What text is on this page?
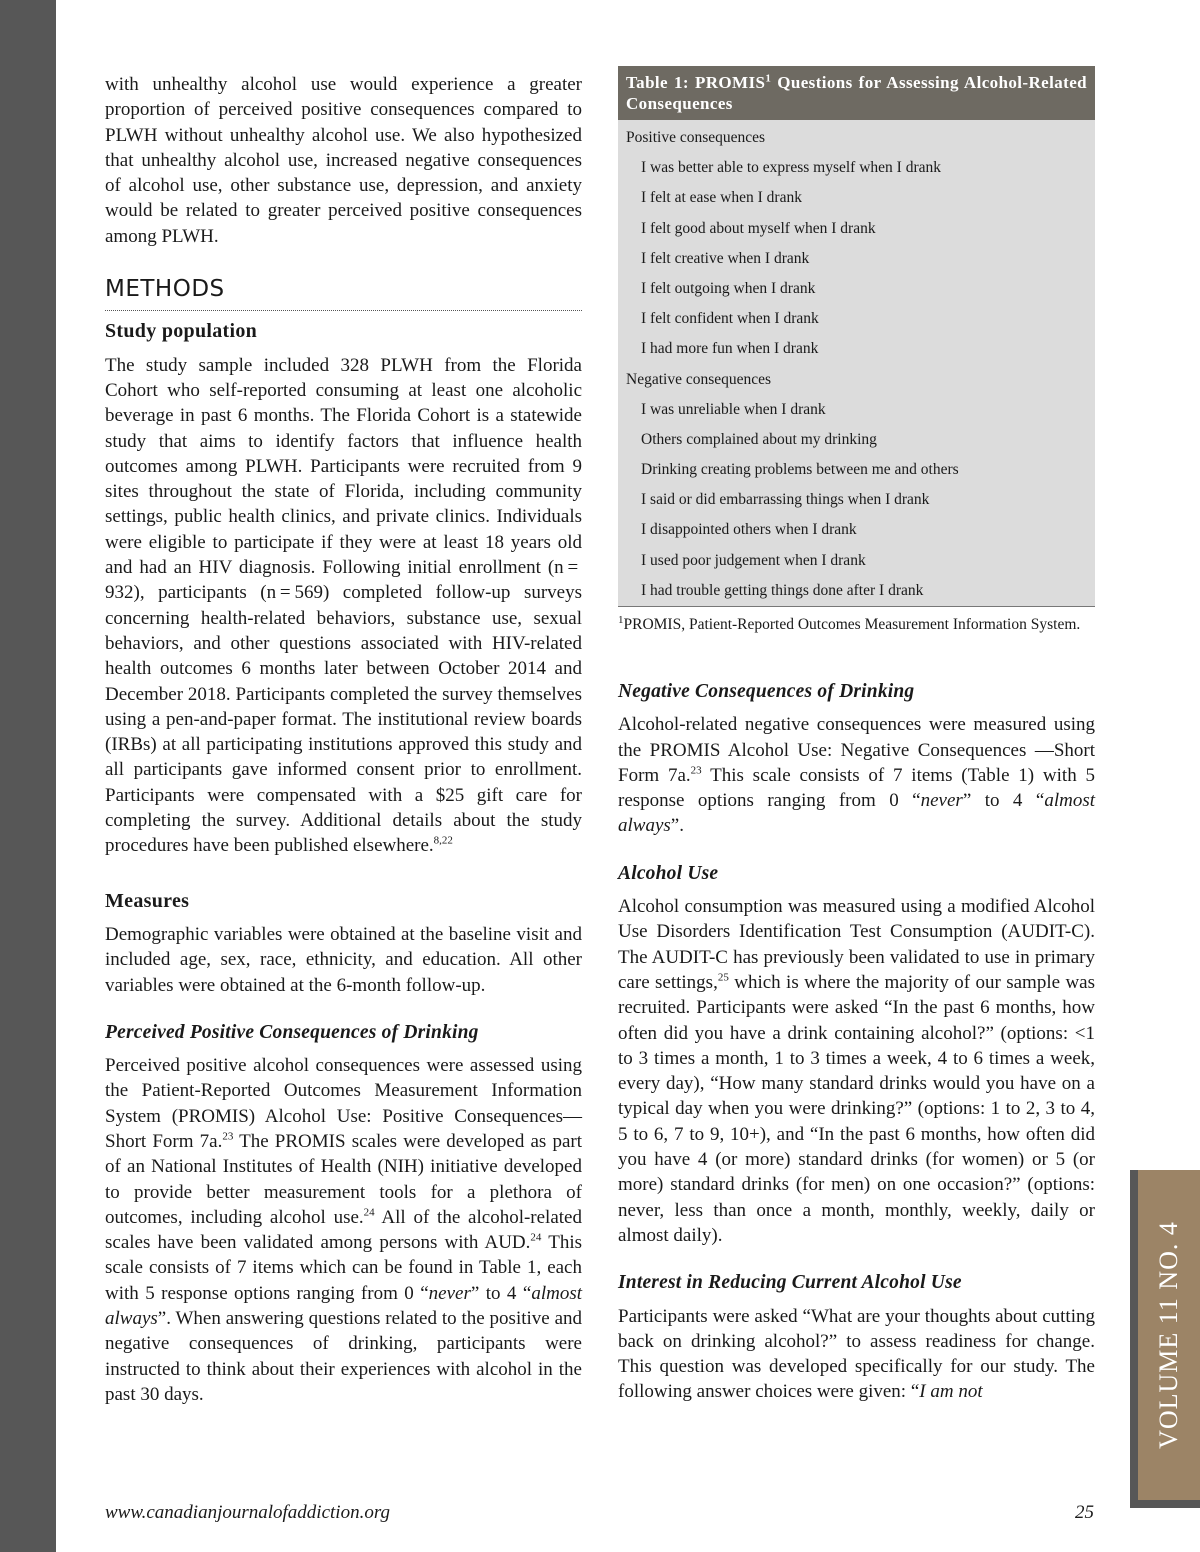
with unhealthy alcohol use would experience a greater proportion of perceived positive consequences compared to PLWH without unhealthy alcohol use. We also hypothesized that unhealthy alcohol use, increased negative consequences of alcohol use, other substance use, depression, and anxiety would be related to greater perceived positive consequences among PLWH.

METHODS
Study population

The study sample included 328 PLWH from the Florida Cohort who self-reported consuming at least one alcoholic beverage in past 6 months. The Florida Cohort is a statewide study that aims to identify factors that influence health outcomes among PLWH. Participants were recruited from 9 sites throughout the state of Florida, including community settings, public health clinics, and private clinics. Individuals were eligible to participate if they were at least 18 years old and had an HIV diagnosis. Following initial enrollment (n = 932), participants (n = 569) completed follow-up surveys concerning health-related behaviors, substance use, sexual behaviors, and other questions associated with HIV-related health outcomes 6 months later between October 2014 and December 2018. Participants completed the survey themselves using a pen-and-paper format. The institutional review boards (IRBs) at all participating institutions approved this study and all participants gave informed consent prior to enrollment. Participants were compensated with a $25 gift care for completing the survey. Additional details about the study procedures have been published elsewhere.$^{8,22}$

Measures

Demographic variables were obtained at the baseline visit and included age, sex, race, ethnicity, and education. All other variables were obtained at the 6-month follow-up.

Perceived Positive Consequences of Drinking

Perceived positive alcohol consequences were assessed using the Patient-Reported Outcomes Measurement Information System (PROMIS) Alcohol Use: Positive Consequences—Short Form 7a.$^{23}$ The PROMIS scales were developed as part of an National Institutes of Health (NIH) initiative developed to provide better measurement tools for a plethora of outcomes, including alcohol use.$^{24}$ All of the alcohol-related scales have been validated among persons with AUD.$^{24}$ This scale consists of 7 items which can be found in Table 1, each with 5 response options ranging from 0 “never” to 4 “almost always”. When answering questions related to the positive and negative consequences of drinking, participants were instructed to think about their experiences with alcohol in the past 30 days.

Table 1: PROMIS$^1$ Questions for Assessing Alcohol-Related Consequences
Positive consequences
I was better able to express myself when I drank
I felt at ease when I drank
I felt good about myself when I drank
I felt creative when I drank
I felt outgoing when I drank
I felt confident when I drank
I had more fun when I drank
Negative consequences
I was unreliable when I drank
Others complained about my drinking
Drinking creating problems between me and others
I said or did embarrassing things when I drank
I disappointed others when I drank
I used poor judgement when I drank
I had trouble getting things done after I drank

$^1$PROMIS, Patient-Reported Outcomes Measurement Information System.

Negative Consequences of Drinking

Alcohol-related negative consequences were measured using the PROMIS Alcohol Use: Negative Consequences —Short Form 7a.$^{23}$ This scale consists of 7 items (Table 1) with 5 response options ranging from 0 “never” to 4 “almost always”.

Alcohol Use

Alcohol consumption was measured using a modified Alcohol Use Disorders Identification Test Consumption (AUDIT-C). The AUDIT-C has previously been validated to use in primary care settings,$^{25}$ which is where the majority of our sample was recruited. Participants were asked “In the past 6 months, how often did you have a drink containing alcohol?” (options: <1 to 3 times a month, 1 to 3 times a week, 4 to 6 times a week, every day), “How many standard drinks would you have on a typical day when you were drinking?” (options: 1 to 2, 3 to 4, 5 to 6, 7 to 9, 10+), and “In the past 6 months, how often did you have 4 (or more) standard drinks (for women) or 5 (or more) standard drinks (for men) on one occasion?” (options: never, less than once a month, monthly, weekly, daily or almost daily).

Interest in Reducing Current Alcohol Use

Participants were asked “What are your thoughts about cutting back on drinking alcohol?” to assess readiness for change. This question was developed specifically for our study. The following answer choices were given: “I am not

www.canadianjournalofaddiction.org	25
VOLUME 11 NO. 4
